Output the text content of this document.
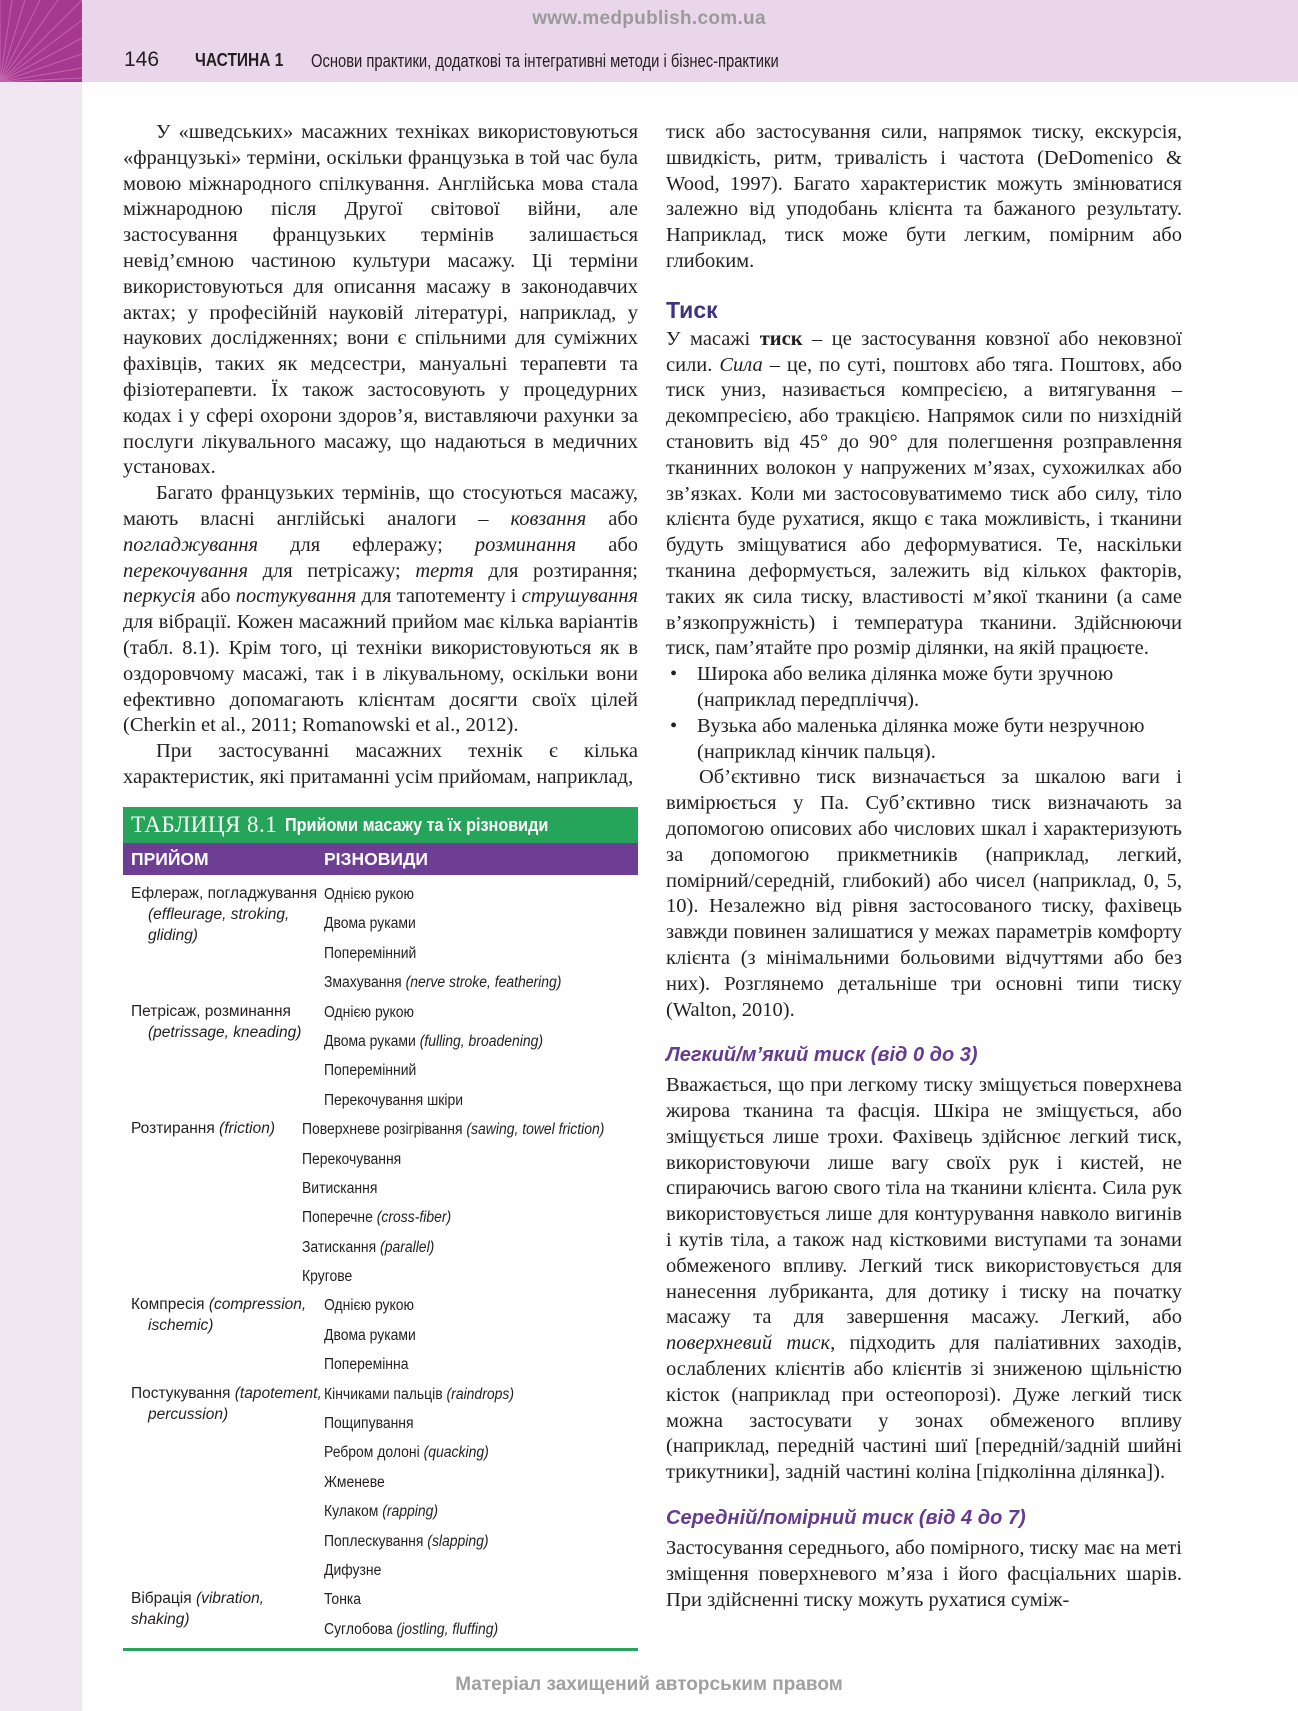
www.medpublish.com.ua
146 ЧАСТИНА 1 Основи практики, додаткові та інтегративні методи і бізнес-практики

У «шведських» масажних техніках використовуються «французькі» терміни, оскільки французька в той час була мовою міжнародного спілкування. Англійська мова стала міжнародною після Другої світової війни, але застосування французьких термінів залишається невід’ємною частиною культури масажу. Ці терміни використовуються для описання масажу в законодавчих актах; у професійній науковій літературі, наприклад, у наукових дослідженнях; вони є спільними для суміжних фахівців, таких як медсестри, мануальні терапевти та фізіотерапевти. Їх також застосовують у процедурних кодах і у сфері охорони здоров’я, виставляючи рахунки за послуги лікувального масажу, що надаються в медичних установах.

Багато французьких термінів, що стосуються масажу, мають власні англійські аналоги – ковзання або погладжування для ефлеражу; розминання або перекочування для петрісажу; тертя для розтирання; перкусія або постукування для тапотементу і струшування для вібрації. Кожен масажний прийом має кілька варіантів (табл. 8.1). Крім того, ці техніки використовуються як в оздоровчому масажі, так і в лікувальному, оскільки вони ефективно допомагають клієнтам досягти своїх цілей (Cherkin et al., 2011; Romanowski et al., 2012).

При застосуванні масажних технік є кілька характеристик, які притаманні усім прийомам, наприклад,

ТАБЛИЦЯ 8.1 Прийоми масажу та їх різновиди
ПРИЙОМ	РІЗНОВИДИ
Ефлераж, погладжування
(effleurage, stroking, gliding)
Однією рукою
Двома руками
Поперемінний
Змахування (nerve stroke, feathering)
Петрісаж, розминання
(petrissage, kneading)
Однією рукою
Двома руками (fulling, broadening)
Поперемінний
Перекочування шкіри
Розтирання (friction)	Поверхневе розігрівання (sawing, towel friction)
Перекочування
Витискання
Поперечне (cross-fiber)
Затискання (parallel)
Кругове
Компресія (compression,
ischemic)
Однією рукою
Двома руками
Поперемінна
Постукування (tapotement,
percussion)
Кінчиками пальців (raindrops)
Пощипування
Ребром долоні (quacking)
Жменеве
Кулаком (rapping)
Поплескування (slapping)
Дифузне
Вібрація (vibration, shaking)
Тонка
Суглобова (jostling, fluffing)

тиск або застосування сили, напрямок тиску, екскурсія, швидкість, ритм, тривалість і частота (DeDomenico & Wood, 1997). Багато характеристик можуть змінюватися залежно від уподобань клієнта та бажаного результату. Наприклад, тиск може бути легким, помірним або глибоким.

Тиск

У масажі тиск – це застосування ковзної або нековзної сили. Сила – це, по суті, поштовх або тяга. Поштовх, або тиск униз, називається компресією, а витягування – декомпресією, або тракцією. Напрямок сили по низхідній становить від 45° до 90° для полегшення розправлення тканинних волокон у напружених м’язах, сухожилках або зв’язках. Коли ми застосовуватимемо тиск або силу, тіло клієнта буде рухатися, якщо є така можливість, і тканини будуть зміщуватися або деформуватися. Те, наскільки тканина деформується, залежить від кількох факторів, таких як сила тиску, властивості м’якої тканини (а саме в’язкопружність) і температура тканини. Здійснюючи тиск, пам’ятайте про розмір ділянки, на якій працюєте.

• Широка або велика ділянка може бути зручною (наприклад передпліччя).
• Вузька або маленька ділянка може бути незручною (наприклад кінчик пальця).

Об’єктивно тиск визначається за шкалою ваги і вимірюється у Па. Суб’єктивно тиск визначають за допомогою описових або числових шкал і характеризують за допомогою прикметників (наприклад, легкий, помірний/середній, глибокий) або чисел (наприклад, 0, 5, 10). Незалежно від рівня застосованого тиску, фахівець завжди повинен залишатися у межах параметрів комфорту клієнта (з мінімальними больовими відчуттями або без них). Розглянемо детальніше три основні типи тиску (Walton, 2010).

Легкий/м’який тиск (від 0 до 3)

Вважається, що при легкому тиску зміщується поверхнева жирова тканина та фасція. Шкіра не зміщується, або зміщується лише трохи. Фахівець здійснює легкий тиск, використовуючи лише вагу своїх рук і кистей, не спираючись вагою свого тіла на тканини клієнта. Сила рук використовується лише для контурування навколо вигинів і кутів тіла, а також над кістковими виступами та зонами обмеженого впливу. Легкий тиск використовується для нанесення лубриканта, для дотику і тиску на початку масажу та для завершення масажу. Легкий, або поверхневий тиск, підходить для паліативних заходів, ослаблених клієнтів або клієнтів зі зниженою щільністю кісток (наприклад при остеопорозі). Дуже легкий тиск можна застосувати у зонах обмеженого впливу (наприклад, передній частині шиї [передній/задній шийні трикутники], задній частині коліна [підколінна ділянка]).

Середній/помірний тиск (від 4 до 7)

Застосування середнього, або помірного, тиску має на меті зміщення поверхневого м’яза і його фасціальних шарів. При здійсненні тиску можуть рухатися суміж-

Матеріал захищений авторським правом
